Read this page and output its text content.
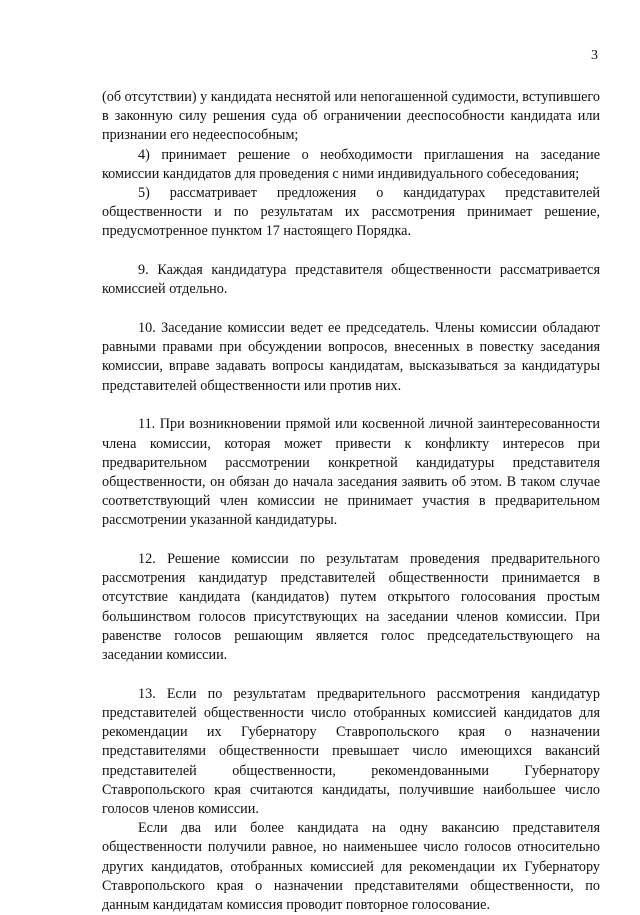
3

(об отсутствии) у кандидата неснятой или непогашенной судимости, вступившего в законную силу решения суда об ограничении дееспособности кандидата или признании его недееспособным;

4) принимает решение о необходимости приглашения на заседание комиссии кандидатов для проведения с ними индивидуального собеседования;

5) рассматривает предложения о кандидатурах представителей общественности и по результатам их рассмотрения принимает решение, предусмотренное пунктом 17 настоящего Порядка.

9. Каждая кандидатура представителя общественности рассматривается комиссией отдельно.

10. Заседание комиссии ведет ее председатель. Члены комиссии обладают равными правами при обсуждении вопросов, внесенных в повестку заседания комиссии, вправе задавать вопросы кандидатам, высказываться за кандидатуры представителей общественности или против них.

11. При возникновении прямой или косвенной личной заинтересованности члена комиссии, которая может привести к конфликту интересов при предварительном рассмотрении конкретной кандидатуры представителя общественности, он обязан до начала заседания заявить об этом. В таком случае соответствующий член комиссии не принимает участия в предварительном рассмотрении указанной кандидатуры.

12. Решение комиссии по результатам проведения предварительного рассмотрения кандидатур представителей общественности принимается в отсутствие кандидата (кандидатов) путем открытого голосования простым большинством голосов присутствующих на заседании членов комиссии. При равенстве голосов решающим является голос председательствующего на заседании комиссии.

13. Если по результатам предварительного рассмотрения кандидатур представителей общественности число отобранных комиссией кандидатов для рекомендации их Губернатору Ставропольского края о назначении представителями общественности превышает число имеющихся вакансий представителей общественности, рекомендованными Губернатору Ставропольского края считаются кандидаты, получившие наибольшее число голосов членов комиссии.

Если два или более кандидата на одну вакансию представителя общественности получили равное, но наименьшее число голосов относительно других кандидатов, отобранных комиссией для рекомендации их Губернатору Ставропольского края о назначении представителями общественности, по данным кандидатам комиссия проводит повторное голосование.
